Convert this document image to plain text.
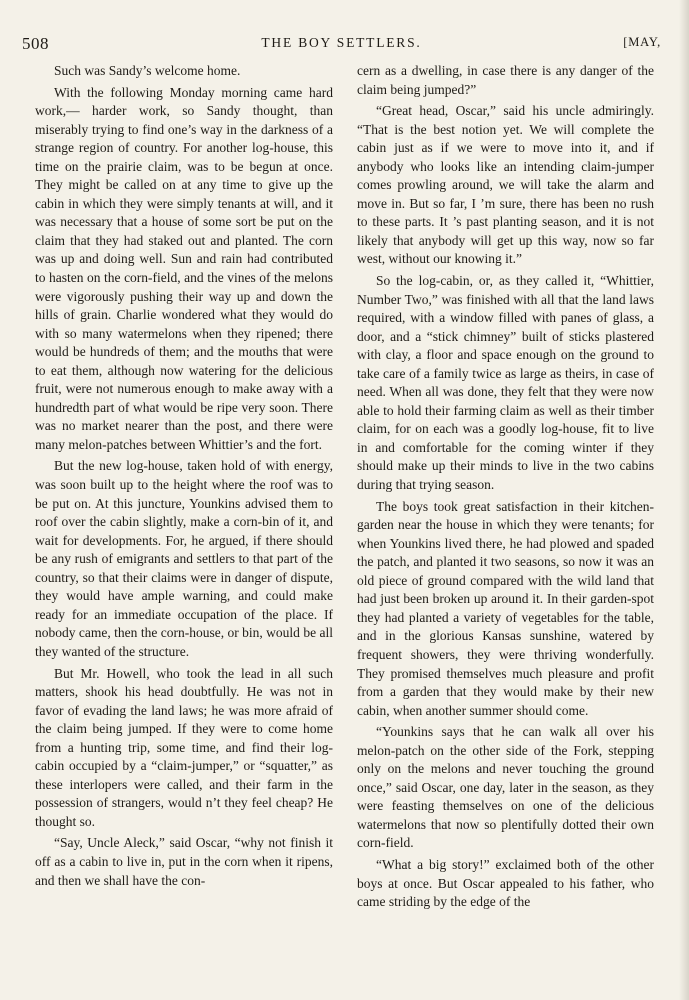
508	THE BOY SETTLERS.	[MAY,

Such was Sandy’s welcome home.

With the following Monday morning came hard work,— harder work, so Sandy thought, than miserably trying to find one’s way in the darkness of a strange region of country. For another log-house, this time on the prairie claim, was to be begun at once. They might be called on at any time to give up the cabin in which they were simply tenants at will, and it was necessary that a house of some sort be put on the claim that they had staked out and planted. The corn was up and doing well. Sun and rain had contributed to hasten on the corn-field, and the vines of the melons were vigorously pushing their way up and down the hills of grain. Charlie wondered what they would do with so many watermelons when they ripened; there would be hundreds of them; and the mouths that were to eat them, although now watering for the delicious fruit, were not numerous enough to make away with a hundredth part of what would be ripe very soon. There was no market nearer than the post, and there were many melon-patches between Whittier’s and the fort.

But the new log-house, taken hold of with energy, was soon built up to the height where the roof was to be put on. At this juncture, Younkins advised them to roof over the cabin slightly, make a corn-bin of it, and wait for developments. For, he argued, if there should be any rush of emigrants and settlers to that part of the country, so that their claims were in danger of dispute, they would have ample warning, and could make ready for an immediate occupation of the place. If nobody came, then the corn-house, or bin, would be all they wanted of the structure.

But Mr. Howell, who took the lead in all such matters, shook his head doubtfully. He was not in favor of evading the land laws; he was more afraid of the claim being jumped. If they were to come home from a hunting trip, some time, and find their log-cabin occupied by a “claim-jumper,” or “squatter,” as these interlopers were called, and their farm in the possession of strangers, would n’t they feel cheap? He thought so.

“Say, Uncle Aleck,” said Oscar, “why not finish it off as a cabin to live in, put in the corn when it ripens, and then we shall have the con-

cern as a dwelling, in case there is any danger of the claim being jumped?”

“Great head, Oscar,” said his uncle admiringly. “That is the best notion yet. We will complete the cabin just as if we were to move into it, and if anybody who looks like an intending claim-jumper comes prowling around, we will take the alarm and move in. But so far, I ’m sure, there has been no rush to these parts. It ’s past planting season, and it is not likely that anybody will get up this way, now so far west, without our knowing it.”

So the log-cabin, or, as they called it, “Whittier, Number Two,” was finished with all that the land laws required, with a window filled with panes of glass, a door, and a “stick chimney” built of sticks plastered with clay, a floor and space enough on the ground to take care of a family twice as large as theirs, in case of need. When all was done, they felt that they were now able to hold their farming claim as well as their timber claim, for on each was a goodly log-house, fit to live in and comfortable for the coming winter if they should make up their minds to live in the two cabins during that trying season.

The boys took great satisfaction in their kitchen-garden near the house in which they were tenants; for when Younkins lived there, he had plowed and spaded the patch, and planted it two seasons, so now it was an old piece of ground compared with the wild land that had just been broken up around it. In their garden-spot they had planted a variety of vegetables for the table, and in the glorious Kansas sunshine, watered by frequent showers, they were thriving wonderfully. They promised themselves much pleasure and profit from a garden that they would make by their new cabin, when another summer should come.

“Younkins says that he can walk all over his melon-patch on the other side of the Fork, stepping only on the melons and never touching the ground once,” said Oscar, one day, later in the season, as they were feasting themselves on one of the delicious watermelons that now so plentifully dotted their own corn-field.

“What a big story!” exclaimed both of the other boys at once. But Oscar appealed to his father, who came striding by the edge of the
